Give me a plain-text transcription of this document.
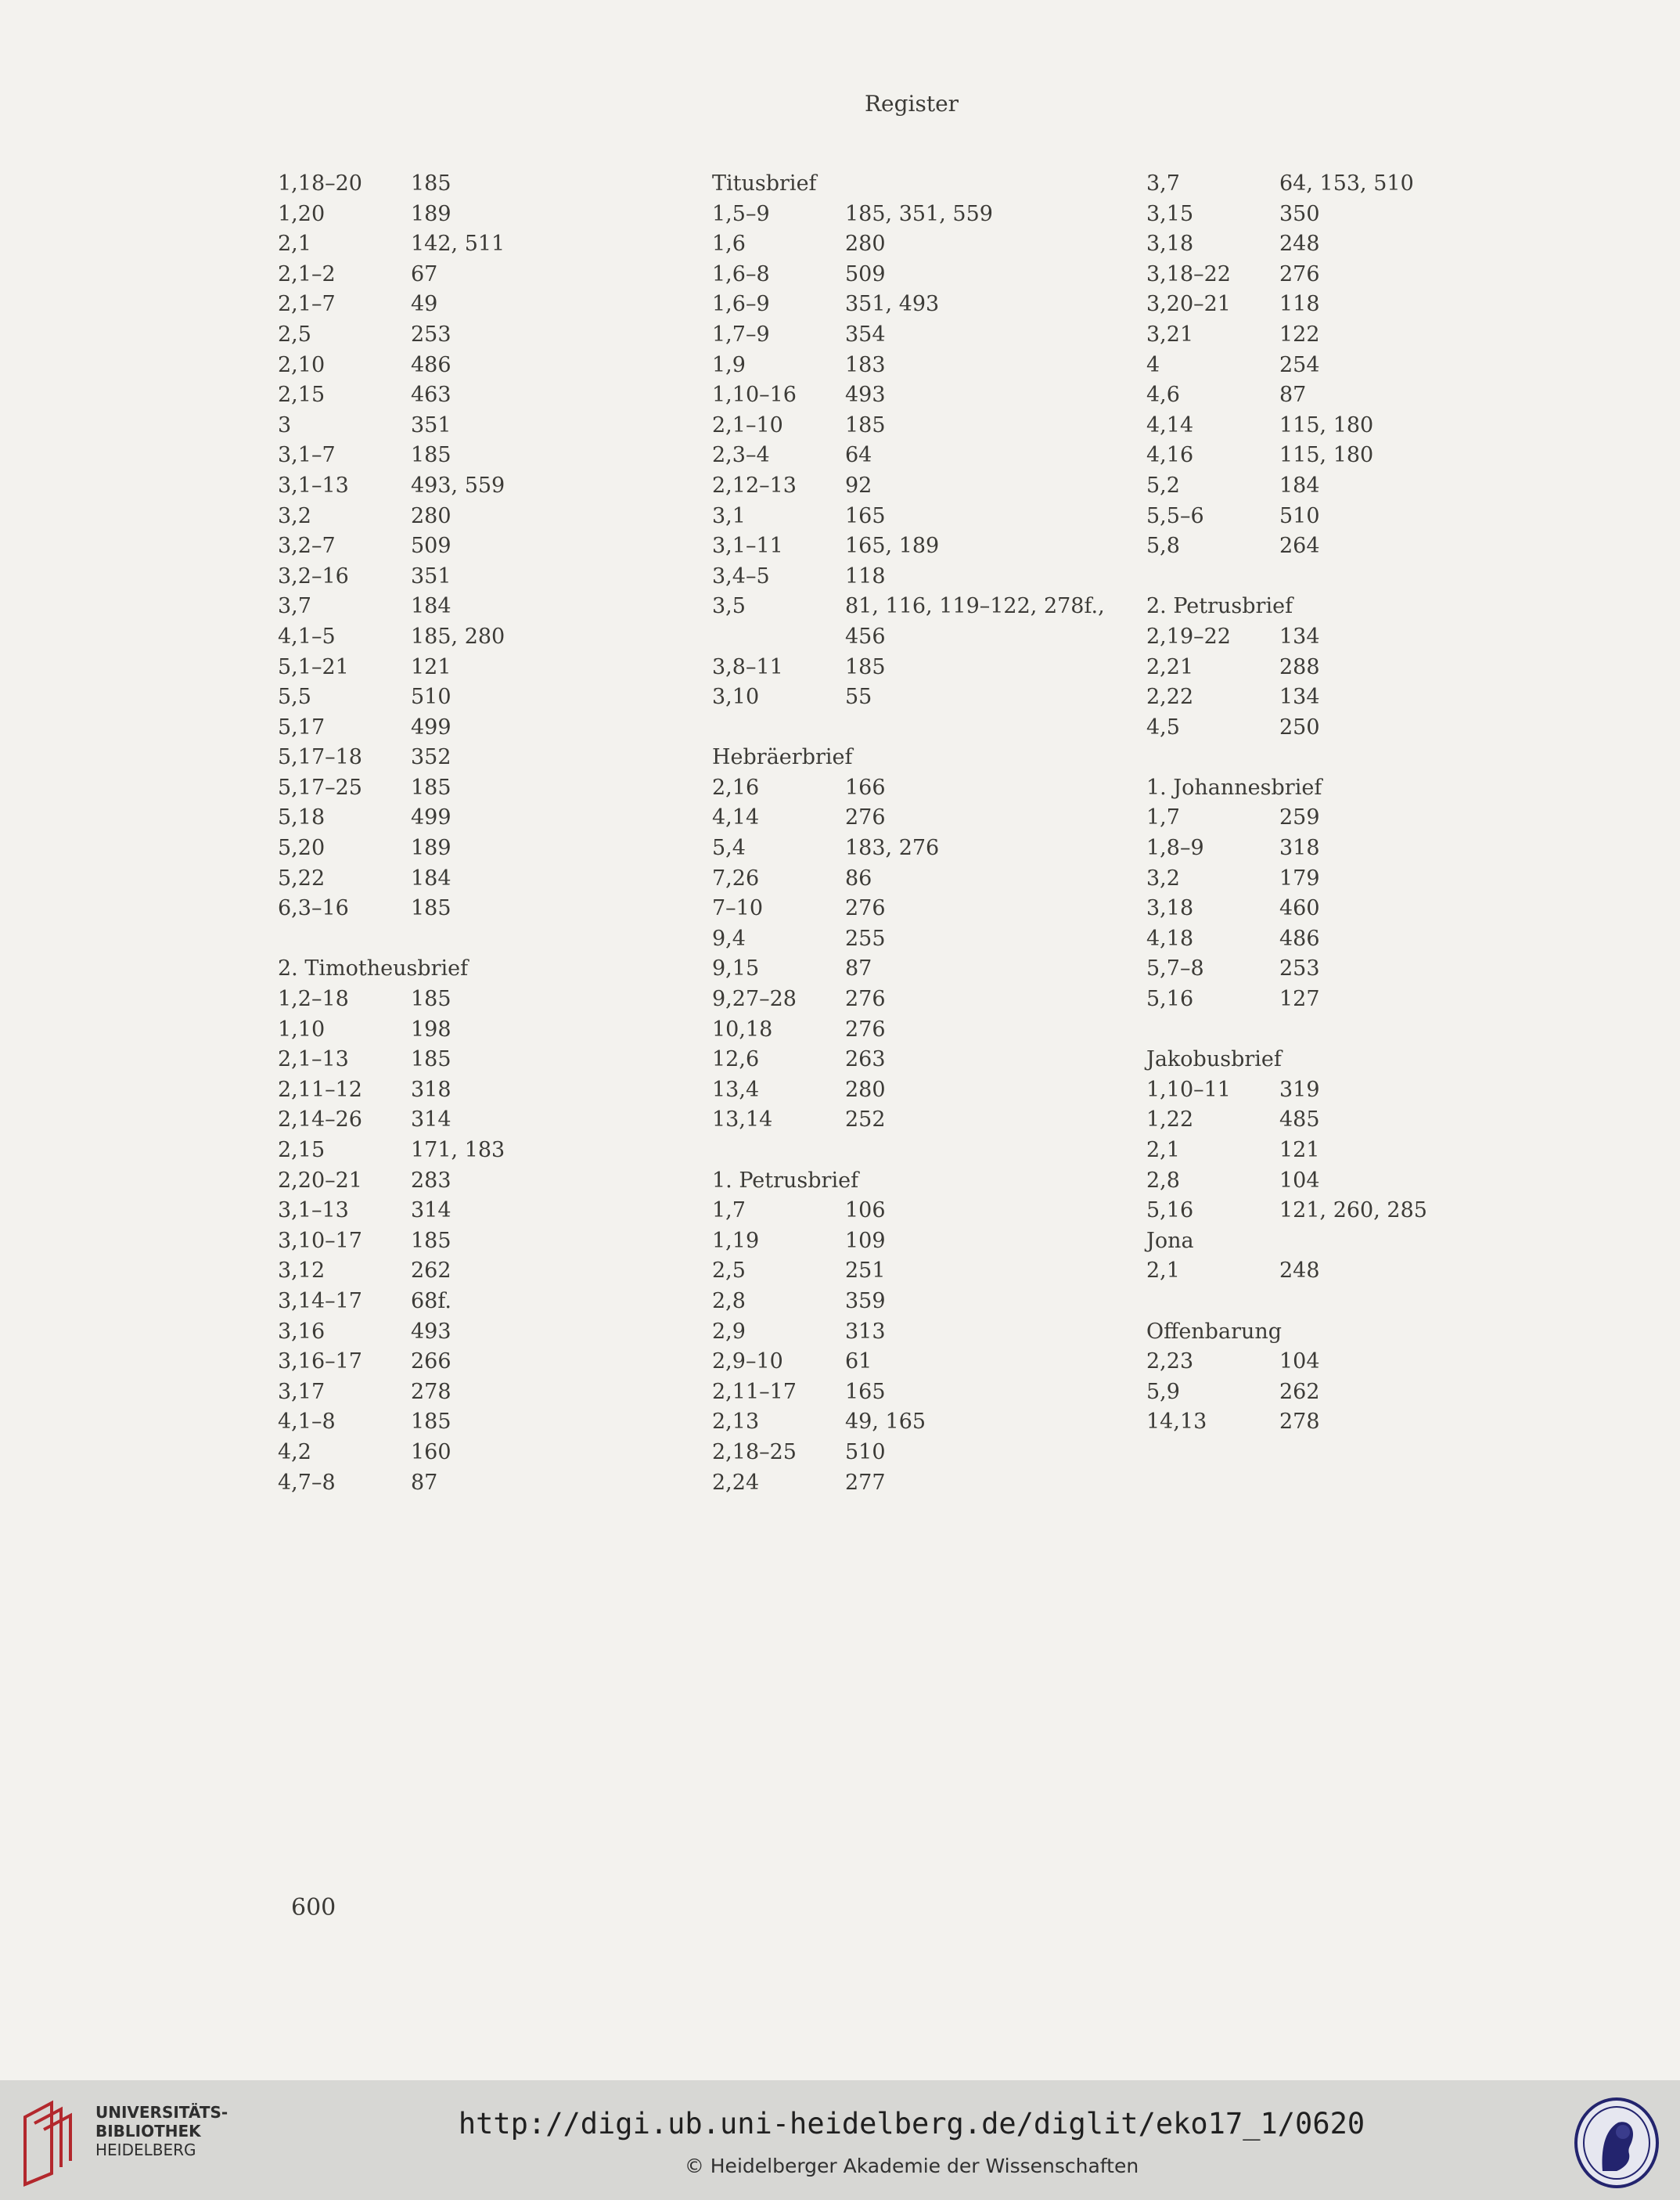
Register
1,18–20 185
1,20	189
2,1	142, 511
2,1–2	67
2,1–7	49
2,5	253
2,10	486
2,15	463
3	351
3,1–7	185
3,1–13	493, 559
3,2	280
3,2–7	509
3,2–16	351
3,7	184
4,1–5	185, 280
5,1–21	121
5,5	510
5,17	499
5,17–18 352
5,17–25 185
5,18	499
5,20	189
5,22	184
6,3–16	185
2. Timotheusbrief
1,2–18	185
1,10	198
2,1–13	185
2,11–12 318
2,14–26 314
2,15	171, 183
2,20–21 283
3,1–13	314
3,10–17 185
3,12	262
3,14–17 68f.
3,16	493
3,16–17 266
3,17	278
4,1–8	185
4,2	160
4,7–8	87
Titusbrief
1,5–9	185, 351, 559
1,6	280
1,6–8	509
1,6–9	351, 493
1,7–9	354
1,9	183
1,10–16 493
2,1–10	185
2,3–4	64
2,12–13 92
3,1	165
3,1–11	165, 189
3,4–5	118
3,5	81, 116, 119–122, 278f.,
456
3,8–11	185
3,10	55
Hebräerbrief
2,16	166
4,14	276
5,4	183, 276
7,26	86
7–10	276
9,4	255
9,15	87
9,27–28 276
10,18	276
12,6	263
13,4	280
13,14	252
1. Petrusbrief
1,7	106
1,19	109
2,5	251
2,8	359
2,9	313
2,9–10	61
2,11–17 165
2,13	49, 165
2,18–25 510
2,24	277
3,7	64, 153, 510
3,15	350
3,18	248
3,18–22 276
3,20–21 118
3,21	122
4	254
4,6	87
4,14	115, 180
4,16	115, 180
5,2	184
5,5–6	510
5,8	264
2. Petrusbrief
2,19–22 134
2,21	288
2,22	134
4,5	250
1. Johannesbrief
1,7	259
1,8–9	318
3,2	179
3,18	460
4,18	486
5,7–8	253
5,16	127
Jakobusbrief
1,10–11 319
1,22	485
2,1	121
2,8	104
5,16	121, 260, 285
Jona
2,1	248
Offenbarung
2,23	104
5,9	262
14,13	278
600
UNIVERSITÄTS-
BIBLIOTHEK
HEIDELBERG
http://digi.ub.uni-heidelberg.de/diglit/eko17_1/0620
© Heidelberger Akademie der Wissenschaften
